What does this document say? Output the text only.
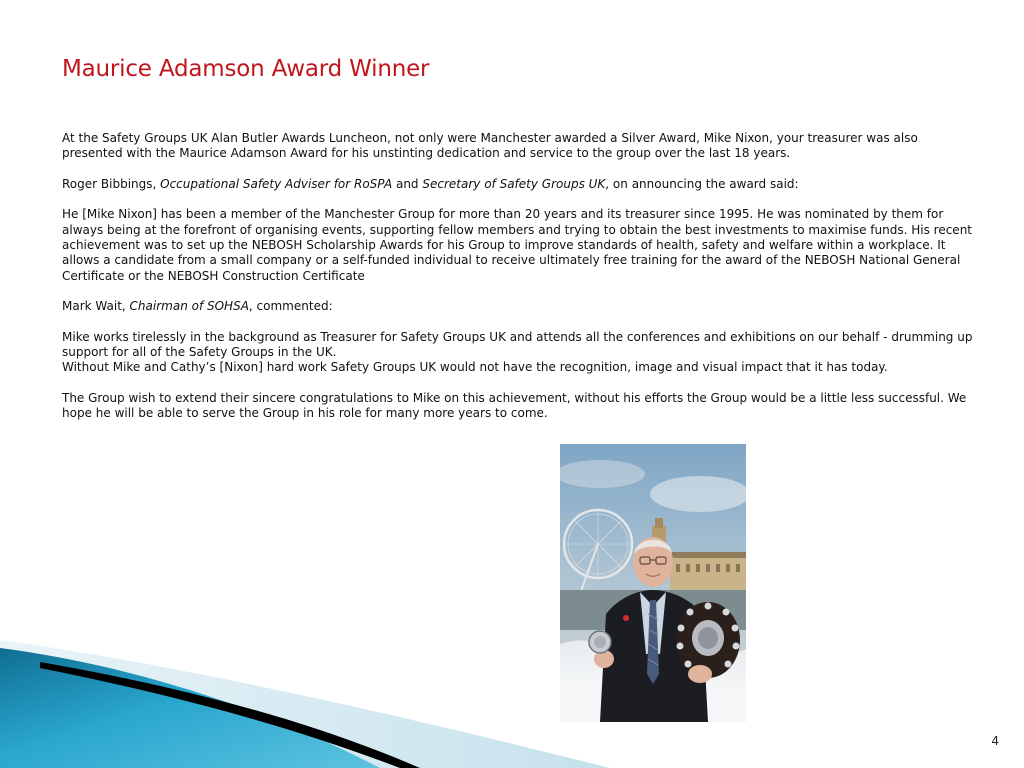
Maurice Adamson Award Winner

At the Safety Groups UK Alan Butler Awards Luncheon, not only were Manchester awarded a Silver Award, Mike Nixon, your treasurer was also presented with the Maurice Adamson Award for his unstinting dedication and service to the group over the last 18 years.

Roger Bibbings, Occupational Safety Adviser for RoSPA and Secretary of Safety Groups UK, on announcing the award said:

He [Mike Nixon] has been a member of the Manchester Group for more than 20 years and its treasurer since 1995. He was nominated by them for always being at the forefront of organising events, supporting fellow members and trying to obtain the best investments to maximise funds. His recent achievement was to set up the NEBOSH Scholarship Awards for his Group to improve standards of health, safety and welfare within a workplace. It allows a candidate from a small company or a self-funded individual to receive ultimately free training for the award of the NEBOSH National General Certificate or the NEBOSH Construction Certificate

Mark Wait, Chairman of SOHSA, commented:

Mike works tirelessly in the background as Treasurer for Safety Groups UK and attends all the conferences and exhibitions on our behalf - drumming up support for all of the Safety Groups in the UK.
Without Mike and Cathy’s [Nixon] hard work Safety Groups UK would not have the recognition, image and visual impact that it has today.

The Group wish to extend their sincere congratulations to Mike on this achievement, without his efforts the Group would be a little less successful. We hope he will be able to serve the Group in his role for many more years to come.

4
